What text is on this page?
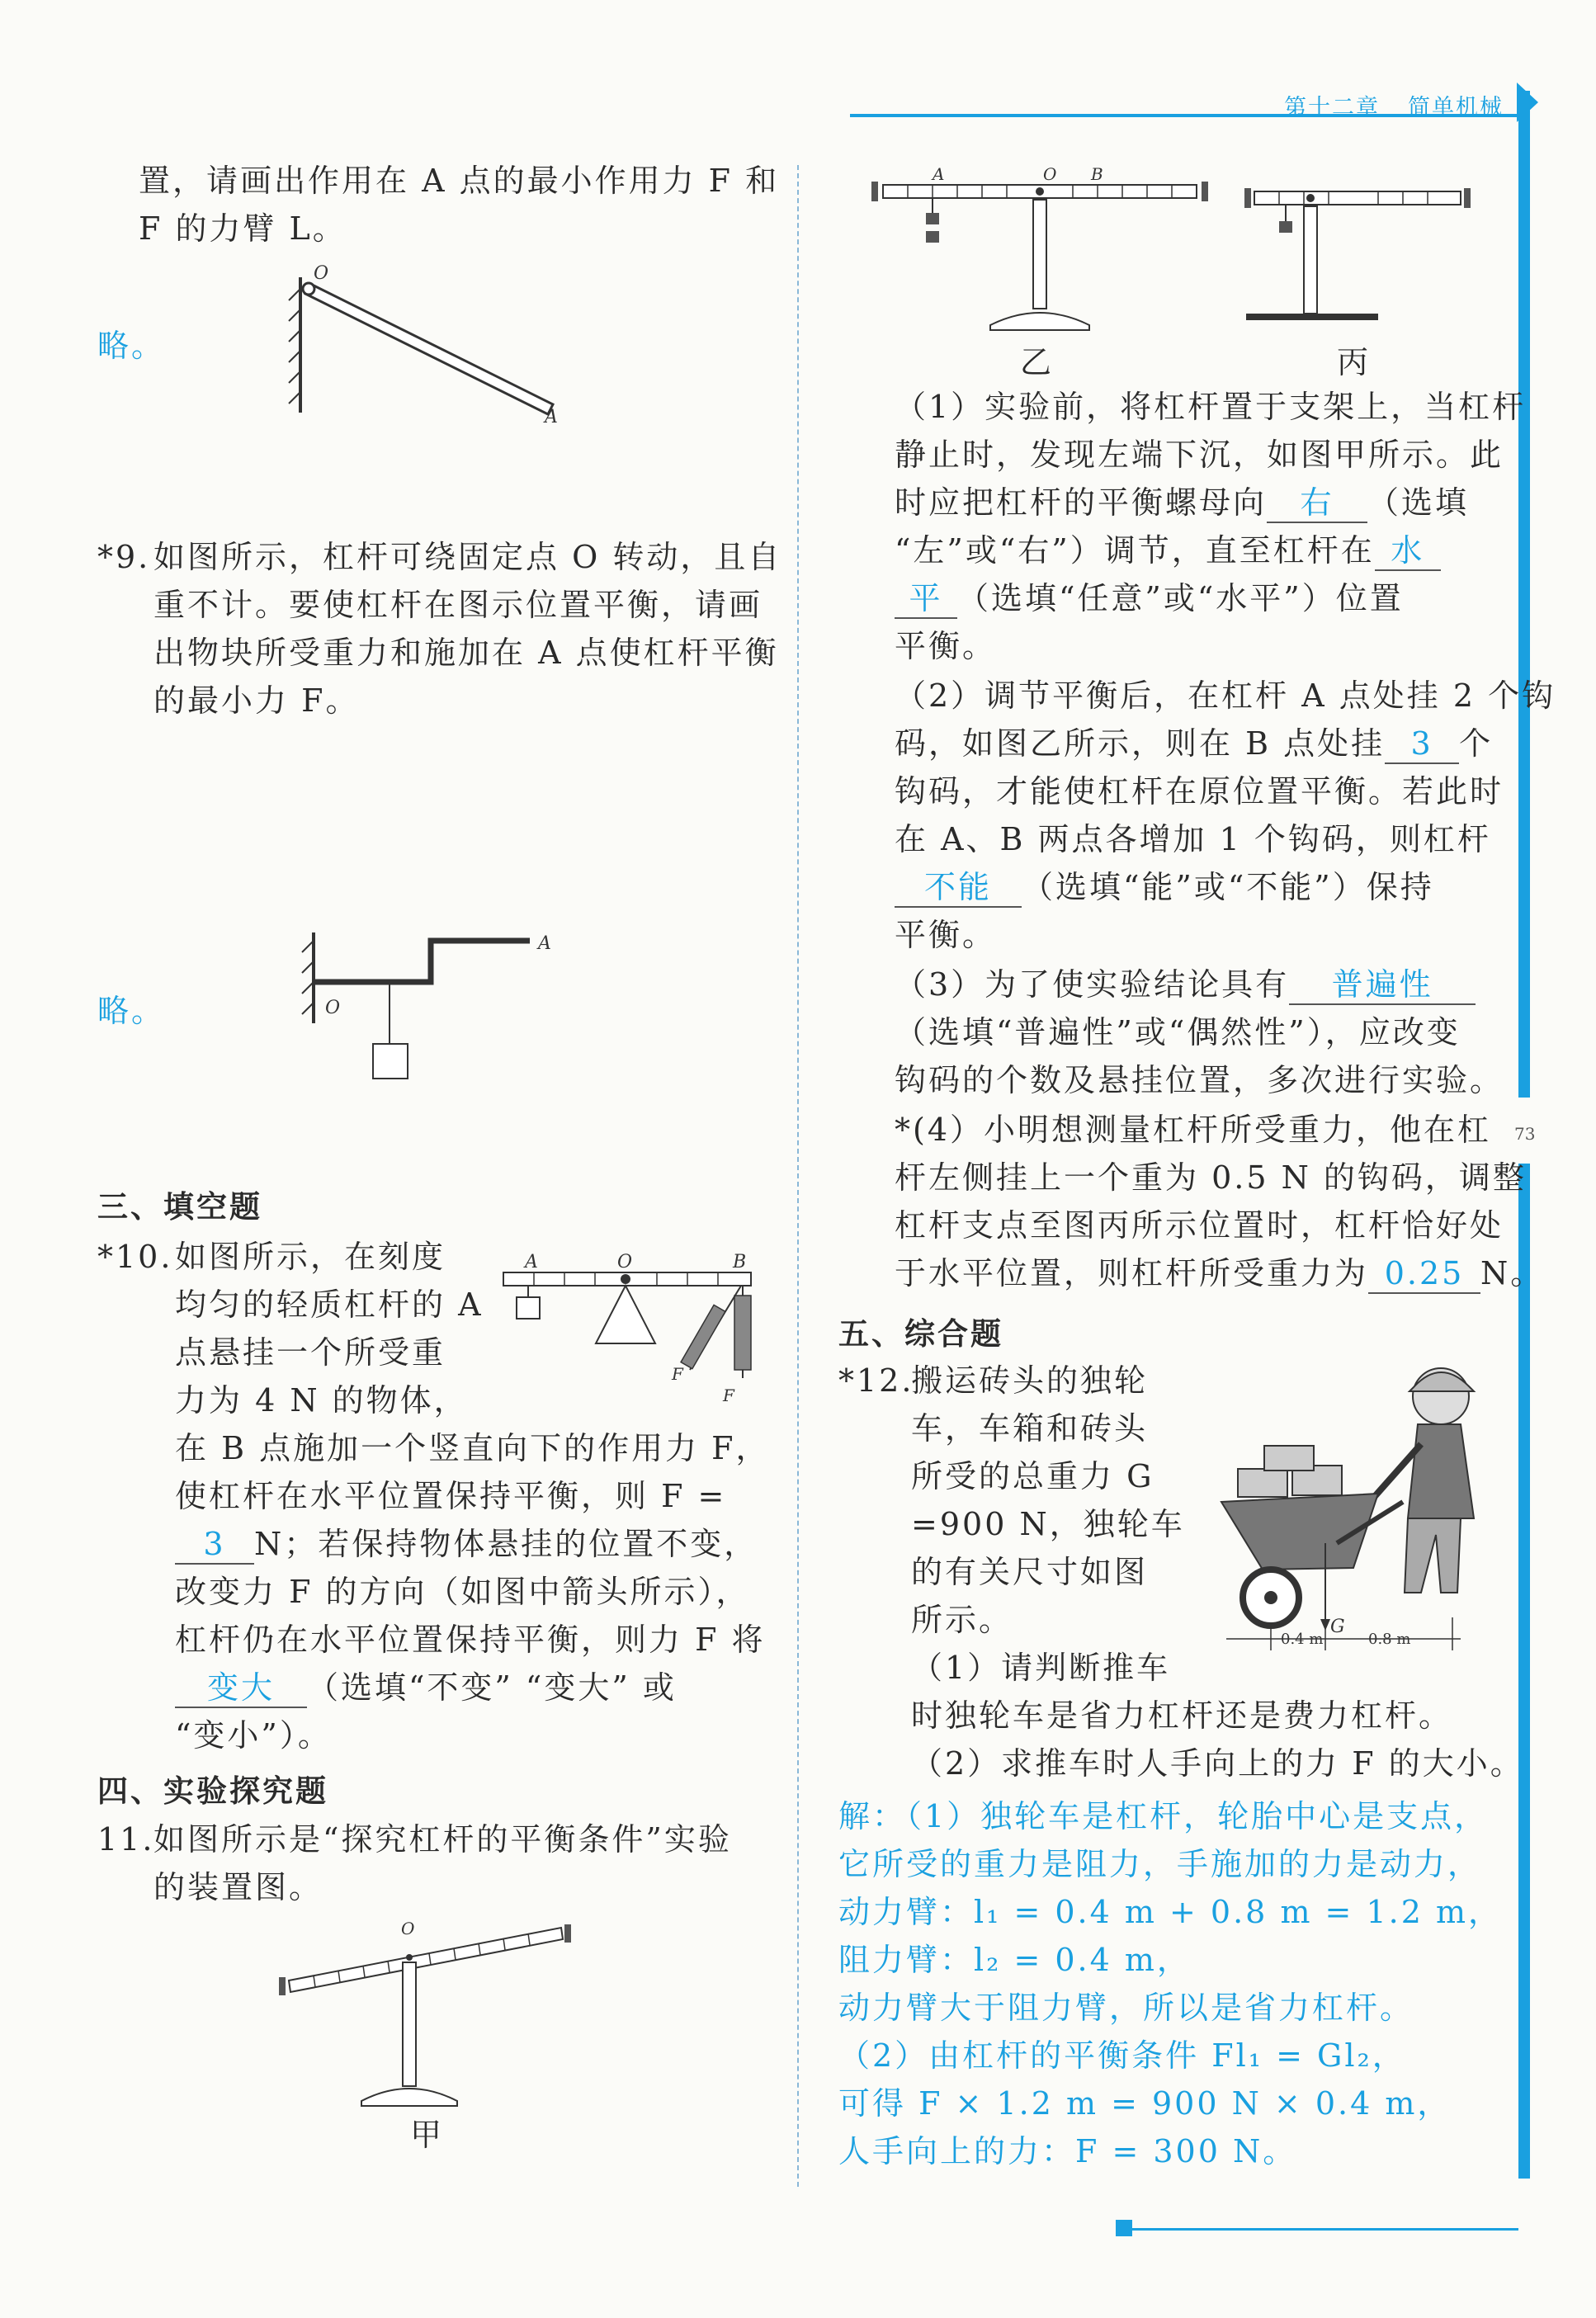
第十二章 简单机械
73
置，请画出作用在 A 点的最小作用力 F 和
F 的力臂 L。
略。
O
A
*9. 如图所示，杠杆可绕固定点 O 转动，且自
重不计。要使杠杆在图示位置平衡，请画
出物块所受重力和施加在 A 点使杠杆平衡
的最小力 F。
略。	O
A
三、填空题
*10. 如图所示，在刻度
均匀的轻质杠杆的 A
点悬挂一个所受重
力为 4 N 的物体，
在 B 点施加一个竖直向下的作用力 F，
使杠杆在水平位置保持平衡，则 F =
3 N；若保持物体悬挂的位置不变，
改变力 F 的方向（如图中箭头所示），
杠杆仍在水平位置保持平衡，则力 F 将
变大 （选填“不变” “变大” 或
“变小”）。
A	O	B
F
F
四、实验探究题
11.
如图所示是“探究杠杆的平衡条件”实验
的装置图。
O
甲
A	O B
乙	丙
（1）实验前，将杠杆置于支架上，当杠杆
静止时，发现左端下沉，如图甲所示。此
时应把杠杆的平衡螺母向 右 （选填
“左”或“右”）调节，直至杠杆在 水
平 （选填“任意”或“水平”）位置
平衡。
（2）调节平衡后，在杠杆 A 点处挂 2 个钩
码，如图乙所示，则在 B 点处挂 3 个
钩码，才能使杠杆在原位置平衡。若此时
在 A、B 两点各增加 1 个钩码，则杠杆
不能 （选填“能”或“不能”）保持
平衡。
（3）为了使实验结论具有 普遍性
（选填“普遍性”或“偶然性”），应改变
钩码的个数及悬挂位置，多次进行实验。
*(4）小明想测量杠杆所受重力，他在杠
杆左侧挂上一个重为 0.5 N 的钩码，调整
杠杆支点至图丙所示位置时，杠杆恰好处
于水平位置，则杠杆所受重力为 0.25 N。
五、综合题
*12.
搬运砖头的独轮
车，车箱和砖头
所受的总重力 G
=900 N，独轮车
的有关尺寸如图
所示。
（1）请判断推车
时独轮车是省力杠杆还是费力杠杆。
（2）求推车时人手向上的力 F 的大小。
G
0.4 m	0.8 m
解：（1）独轮车是杠杆，轮胎中心是支点，
它所受的重力是阻力，手施加的力是动力，
动力臂：l₁ = 0.4 m + 0.8 m = 1.2 m，
阻力臂：l₂ = 0.4 m，
动力臂大于阻力臂，所以是省力杠杆。
（2）由杠杆的平衡条件 Fl₁ = Gl₂，
可得 F × 1.2 m = 900 N × 0.4 m，
人手向上的力：F = 300 N。
